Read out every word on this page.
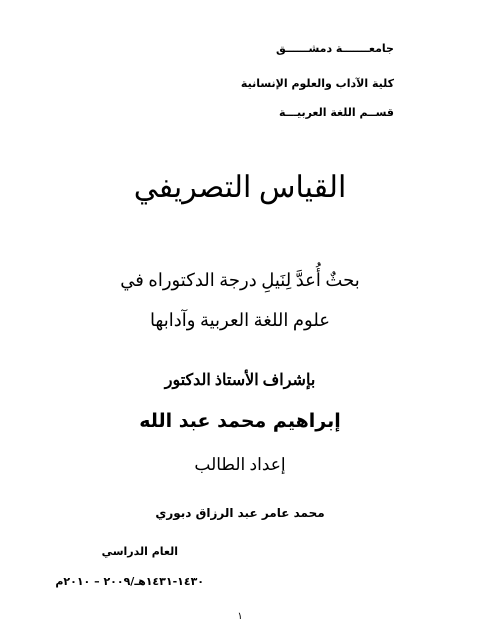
جامعـــــــة دمشــــــق
كلية الآداب والعلوم الإنسانية
قســم اللغة العربيـــة
القياس التصريفي
بحثٌ أُعدَّ لِنَيلِ درجة الدكتوراه في
علوم اللغة العربية وآدابها
بإشراف الأستاذ الدكتور
إبراهيم محمد عبد الله
إعداد الطالب
محمد عامر عبد الرزاق دبوري
العام الدراسي
١٤٣٠-١٤٣١هـ/٢٠٠٩ – ٢٠١٠م
١
